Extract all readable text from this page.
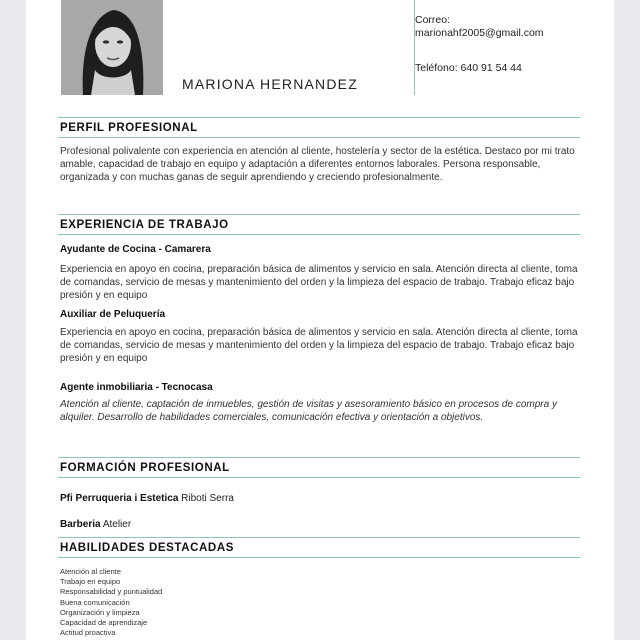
MARIONA HERNANDEZ
Correo:
marionahf2005@gmail.com
Teléfono: 640 91 54 44
PERFIL PROFESIONAL
Profesional polivalente con experiencia en atención al cliente, hostelería y sector de la estética. Destaco por mi trato amable, capacidad de trabajo en equipo y adaptación a diferentes entornos laborales. Persona responsable, organizada y con muchas ganas de seguir aprendiendo y creciendo profesionalmente.
EXPERIENCIA DE TRABAJO
Ayudante de Cocina - Camarera
Experiencia en apoyo en cocina, preparación básica de alimentos y servicio en sala. Atención directa al cliente, toma de comandas, servicio de mesas y mantenimiento del orden y la limpieza del espacio de trabajo. Trabajo eficaz bajo presión y en equipo
Auxiliar de Peluquería
Experiencia en apoyo en cocina, preparación básica de alimentos y servicio en sala. Atención directa al cliente, toma de comandas, servicio de mesas y mantenimiento del orden y la limpieza del espacio de trabajo. Trabajo eficaz bajo presión y en equipo
Agente inmobiliaria - Tecnocasa
Atención al cliente, captación de inmuebles, gestión de visitas y asesoramiento básico en procesos de compra y alquiler. Desarrollo de habilidades comerciales, comunicación efectiva y orientación a objetivos.
FORMACIÓN PROFESIONAL
Pfi Perruqueria i Estetica Riboti Serra
Barberia Atelier
HABILIDADES DESTACADAS
Atención al cliente
Trabajo en equipo
Responsabilidad y puntualidad
Buena comunicación
Organización y limpieza
Capacidad de aprendizaje
Actitud proactiva
